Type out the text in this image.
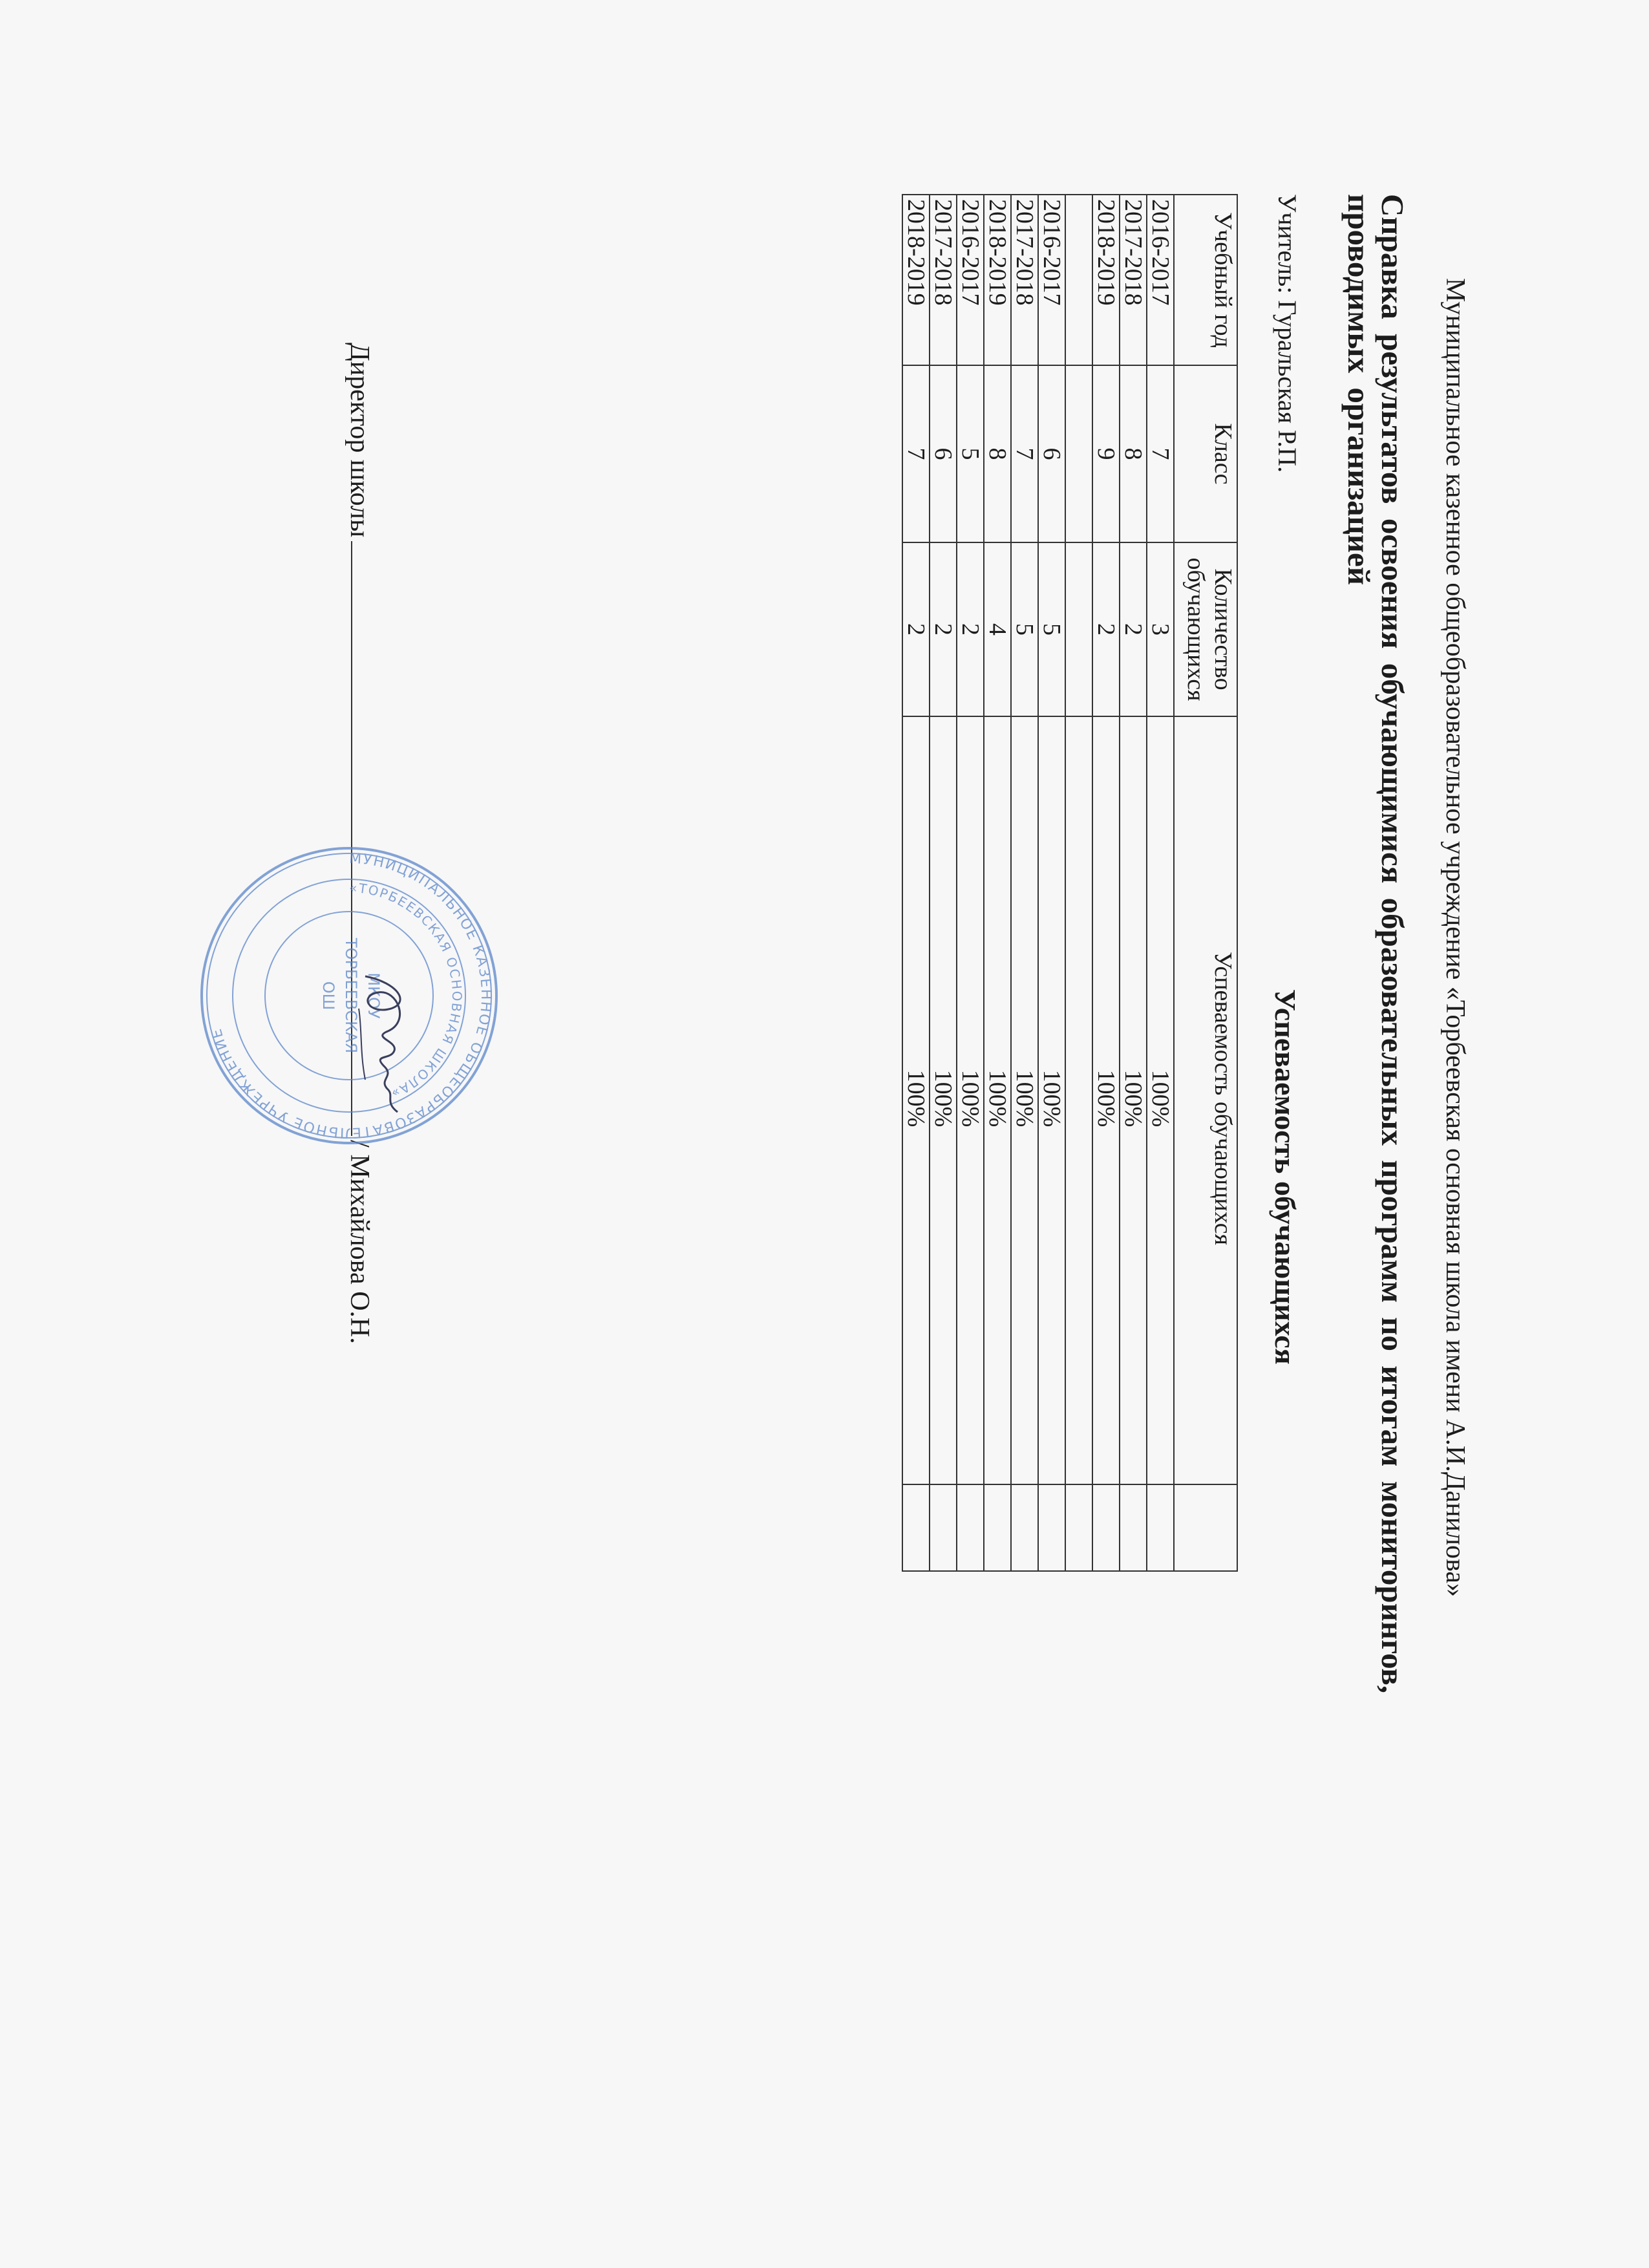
Муниципальное казенное общеобразовательное учреждение «Торбеевская основная школа имени А.И.Данилова»
Справка результатов освоения обучающимися образовательных программ по итогам мониторингов, проводимых организацией
Учитель: Гуральская Р.П.
Успеваемость обучающихся
Учебный год	Класс	Количество обучающихся	Успеваемость обучающихся	
2016-2017	7	3	100%	
2017-2018	8	2	100%	
2018-2019	9	2	100%	

2016-2017	6	5	100%	
2017-2018	7	5	100%	
2018-2019	8	4	100%	
2016-2017	5	2	100%	
2017-2018	6	2	100%	
2018-2019	7	2	100%	
Директор школы/ Михайлова О.Н.
МУНИЦИПАЛЬНОЕ КАЗЕННОЕ ОБЩЕОБРАЗОВАТЕЛЬНОЕ УЧРЕЖДЕНИЕ
«ТОРБЕЕВСКАЯ ОСНОВНАЯ ШКОЛА»
МКОУ
ТОРБЕЕВСКАЯ
ОШ
